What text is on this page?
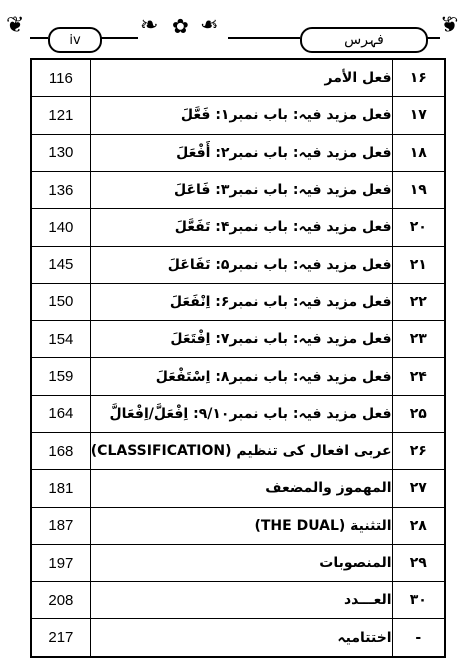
❦
iv
❧ ✿ ❧
فہرس
❦
116	فعل الأمر	۱۶
121	فعل مزید فیہ: باب نمبر۱: فَعَّلَ	۱۷
130	فعل مزید فیہ: باب نمبر۲: أَفْعَلَ	۱۸
136	فعل مزید فیہ: باب نمبر۳: فَاعَلَ	۱۹
140	فعل مزید فیہ: باب نمبر۴: تَفَعَّلَ	۲۰
145	فعل مزید فیہ: باب نمبر۵: تَفَاعَلَ	۲۱
150	فعل مزید فیہ: باب نمبر۶: اِنْفَعَلَ	۲۲
154	فعل مزید فیہ: باب نمبر۷: اِفْتَعَلَ	۲۳
159	فعل مزید فیہ: باب نمبر۸: اِسْتَفْعَلَ	۲۴
164	فعل مزید فیہ: باب نمبر۹/۱۰: اِفْعَلَّ/اِفْعَالَّ	۲۵
168	عربی افعال کی تنظیم (CLASSIFICATION)	۲۶
181	المهموز والمضعف	۲۷
187	التثنية (THE DUAL)	۲۸
197	المنصوبات	۲۹
208	العـــدد	۳۰
217	اختتامیہ	-
